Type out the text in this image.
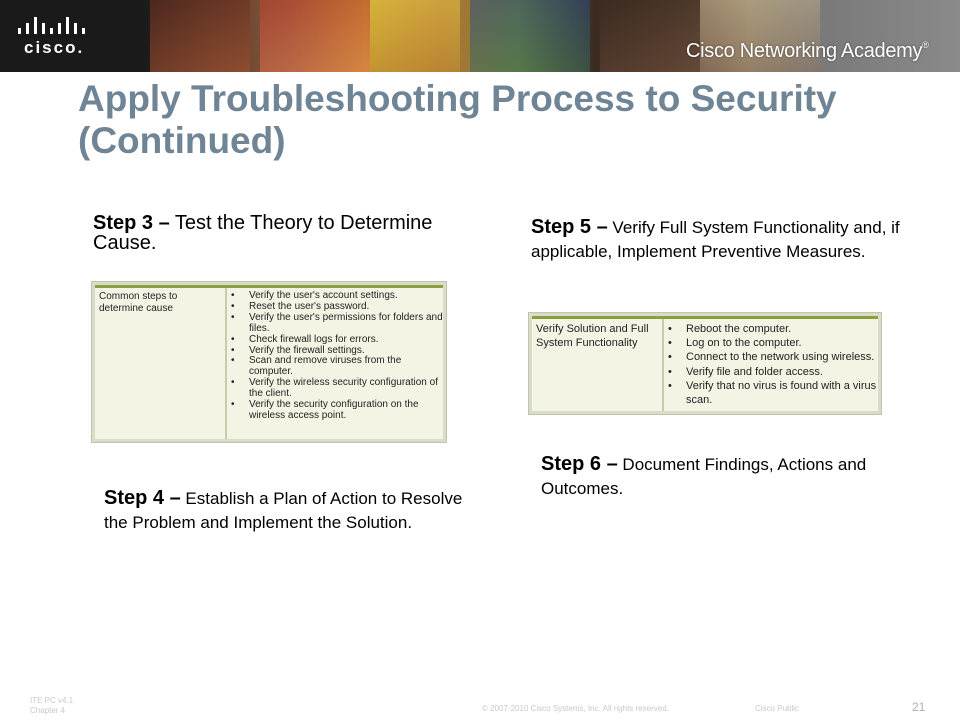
cisco.	Cisco Networking Academy®
Apply Troubleshooting Process to Security (Continued)
Step 3 – Test the Theory to Determine Cause.
Common steps to determine cause
• Verify the user's account settings.
• Reset the user's password.
• Verify the user's permissions for folders and files.
• Check firewall logs for errors.
• Verify the firewall settings.
• Scan and remove viruses from the computer.
• Verify the wireless security configuration of the client.
• Verify the security configuration on the wireless access point.
Step 5 – Verify Full System Functionality and, if applicable, Implement Preventive Measures.
Verify Solution and Full System Functionality
• Reboot the computer.
• Log on to the computer.
• Connect to the network using wireless.
• Verify file and folder access.
• Verify that no virus is found with a virus scan.
Step 6 – Document Findings, Actions and Outcomes.
Step 4 – Establish a Plan of Action to Resolve the Problem and Implement the Solution.
ITE PC v4.1
Chapter 4	© 2007-2010 Cisco Systems, Inc. All rights reserved.	Cisco Public	21
